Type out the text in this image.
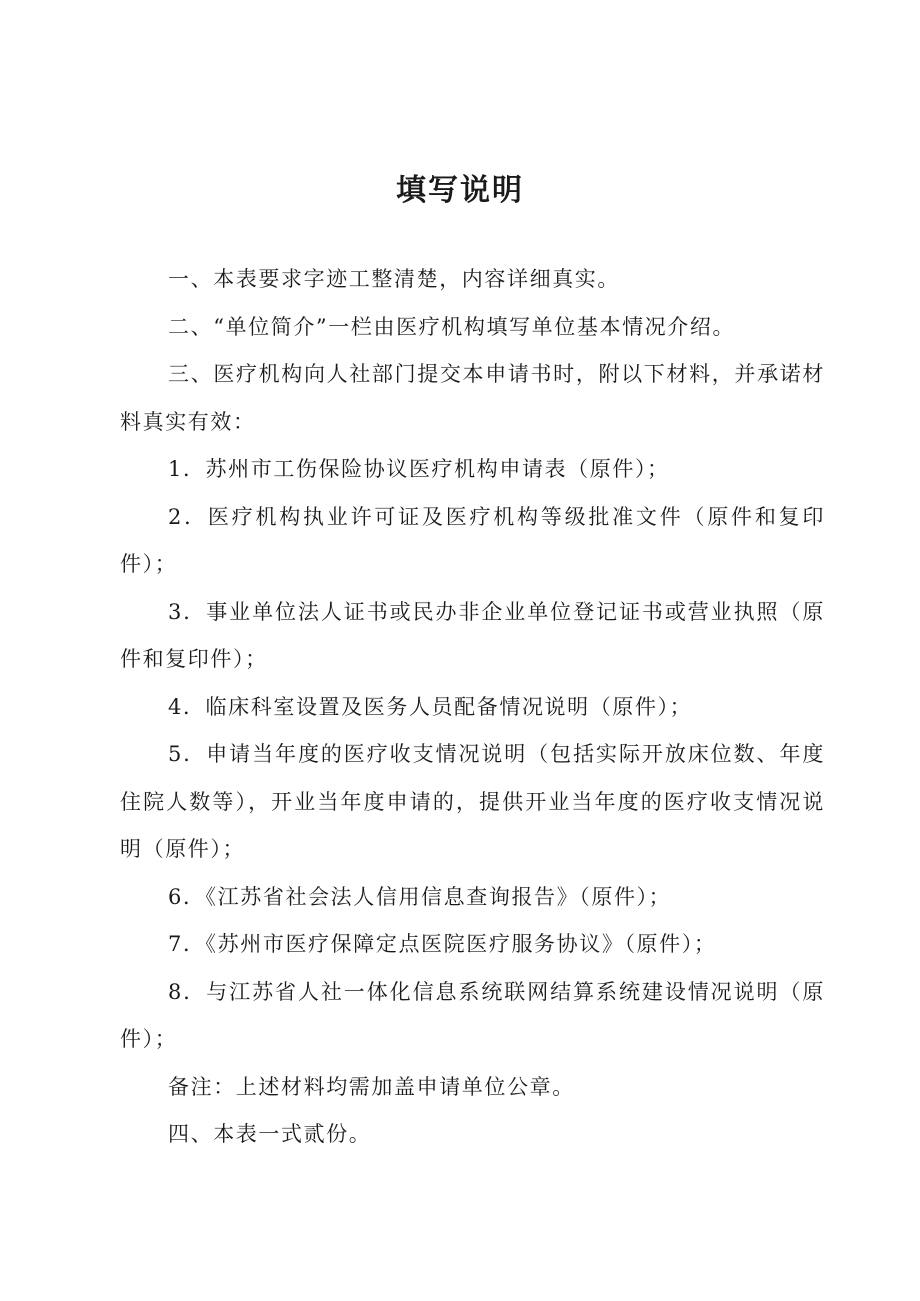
填写说明

一、本表要求字迹工整清楚，内容详细真实。

二、“单位简介”一栏由医疗机构填写单位基本情况介绍。

三、医疗机构向人社部门提交本申请书时，附以下材料，并承诺材料真实有效：

1．苏州市工伤保险协议医疗机构申请表（原件）；

2．医疗机构执业许可证及医疗机构等级批准文件（原件和复印件）；

3．事业单位法人证书或民办非企业单位登记证书或营业执照（原件和复印件）；

4．临床科室设置及医务人员配备情况说明（原件）；

5．申请当年度的医疗收支情况说明（包括实际开放床位数、年度住院人数等），开业当年度申请的，提供开业当年度的医疗收支情况说明（原件）；

6．《江苏省社会法人信用信息查询报告》（原件）；

7．《苏州市医疗保障定点医院医疗服务协议》（原件）；

8．与江苏省人社一体化信息系统联网结算系统建设情况说明（原件）；

备注：上述材料均需加盖申请单位公章。

四、本表一式贰份。
